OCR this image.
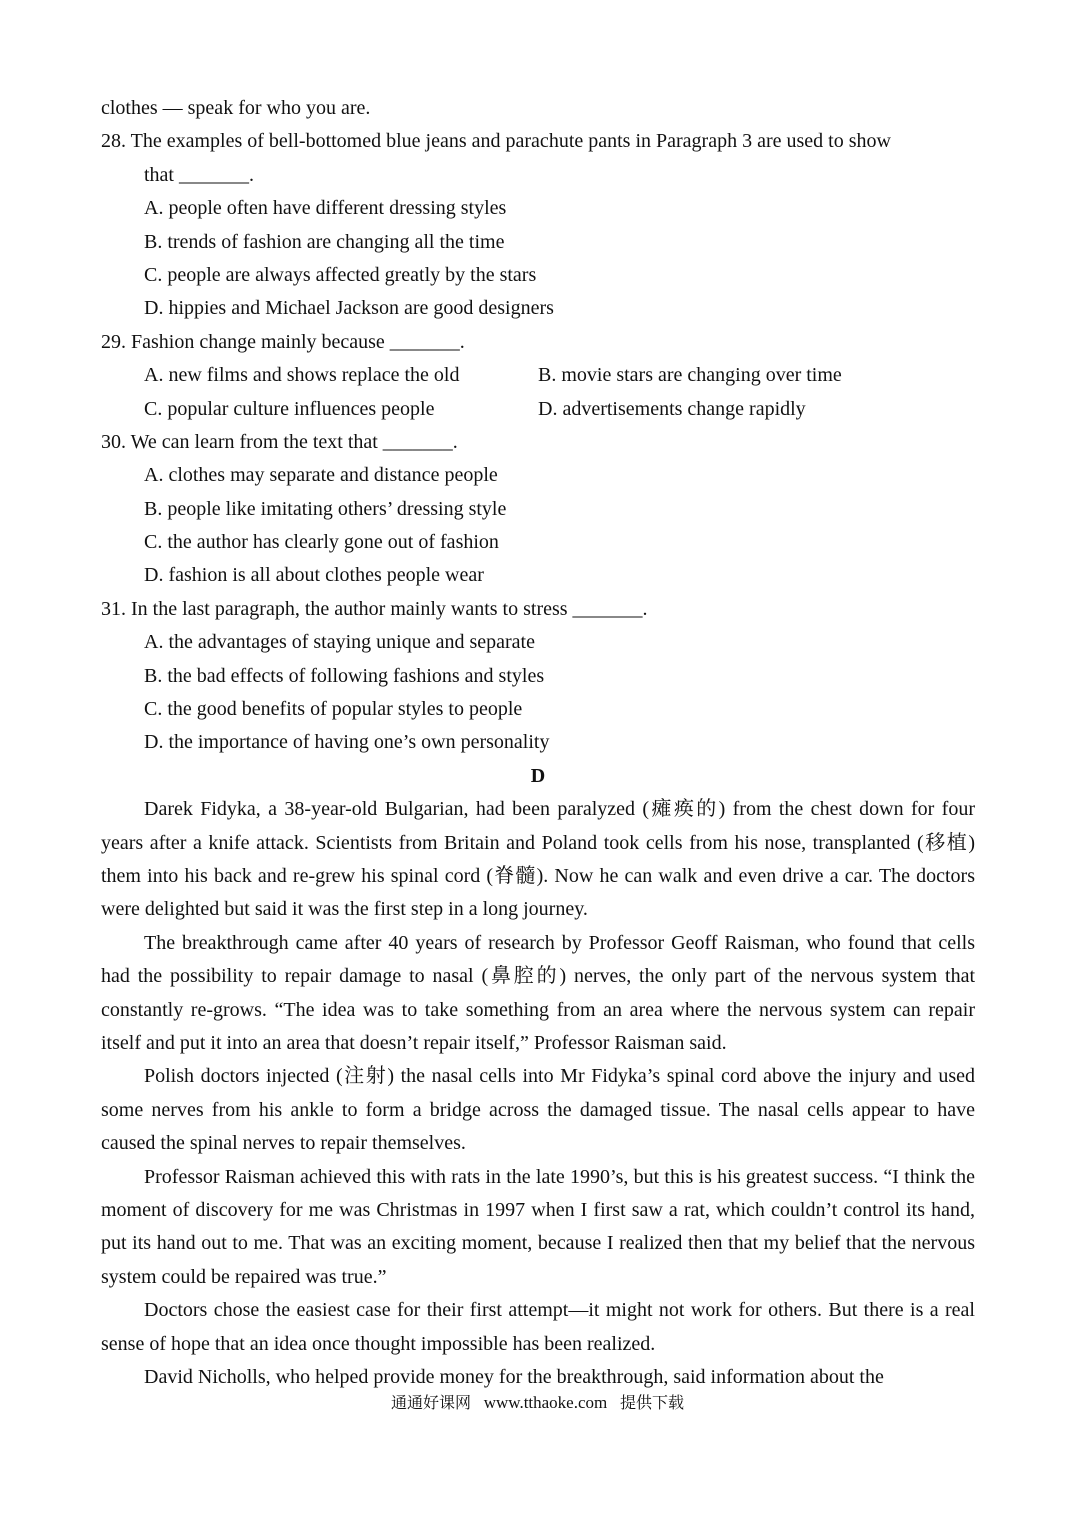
clothes — speak for who you are.
28. The examples of bell-bottomed blue jeans and parachute pants in Paragraph 3 are used to show
that _______.
A. people often have different dressing styles
B. trends of fashion are changing all the time
C. people are always affected greatly by the stars
D. hippies and Michael Jackson are good designers
29. Fashion change mainly because _______.
A. new films and shows replace the old	B. movie stars are changing over time
C. popular culture influences people	D. advertisements change rapidly
30. We can learn from the text that _______.
A. clothes may separate and distance people
B. people like imitating others’ dressing style
C. the author has clearly gone out of fashion
D. fashion is all about clothes people wear
31. In the last paragraph, the author mainly wants to stress _______.
A. the advantages of staying unique and separate
B. the bad effects of following fashions and styles
C. the good benefits of popular styles to people
D. the importance of having one’s own personality
D

Darek Fidyka, a 38-year-old Bulgarian, had been paralyzed (瘫痪的) from the chest down for four years after a knife attack. Scientists from Britain and Poland took cells from his nose, transplanted (移植) them into his back and re-grew his spinal cord (脊髓). Now he can walk and even drive a car. The doctors were delighted but said it was the first step in a long journey.

The breakthrough came after 40 years of research by Professor Geoff Raisman, who found that cells had the possibility to repair damage to nasal (鼻腔的) nerves, the only part of the nervous system that constantly re-grows. “The idea was to take something from an area where the nervous system can repair itself and put it into an area that doesn’t repair itself,” Professor Raisman said.

Polish doctors injected (注射) the nasal cells into Mr Fidyka’s spinal cord above the injury and used some nerves from his ankle to form a bridge across the damaged tissue. The nasal cells appear to have caused the spinal nerves to repair themselves.

Professor Raisman achieved this with rats in the late 1990’s, but this is his greatest success. “I think the moment of discovery for me was Christmas in 1997 when I first saw a rat, which couldn’t control its hand, put its hand out to me. That was an exciting moment, because I realized then that my belief that the nervous system could be repaired was true.”

Doctors chose the easiest case for their first attempt—it might not work for others. But there is a real sense of hope that an idea once thought impossible has been realized.

David Nicholls, who helped provide money for the breakthrough, said information about the

通通好课网 www.tthaoke.com 提供下载
